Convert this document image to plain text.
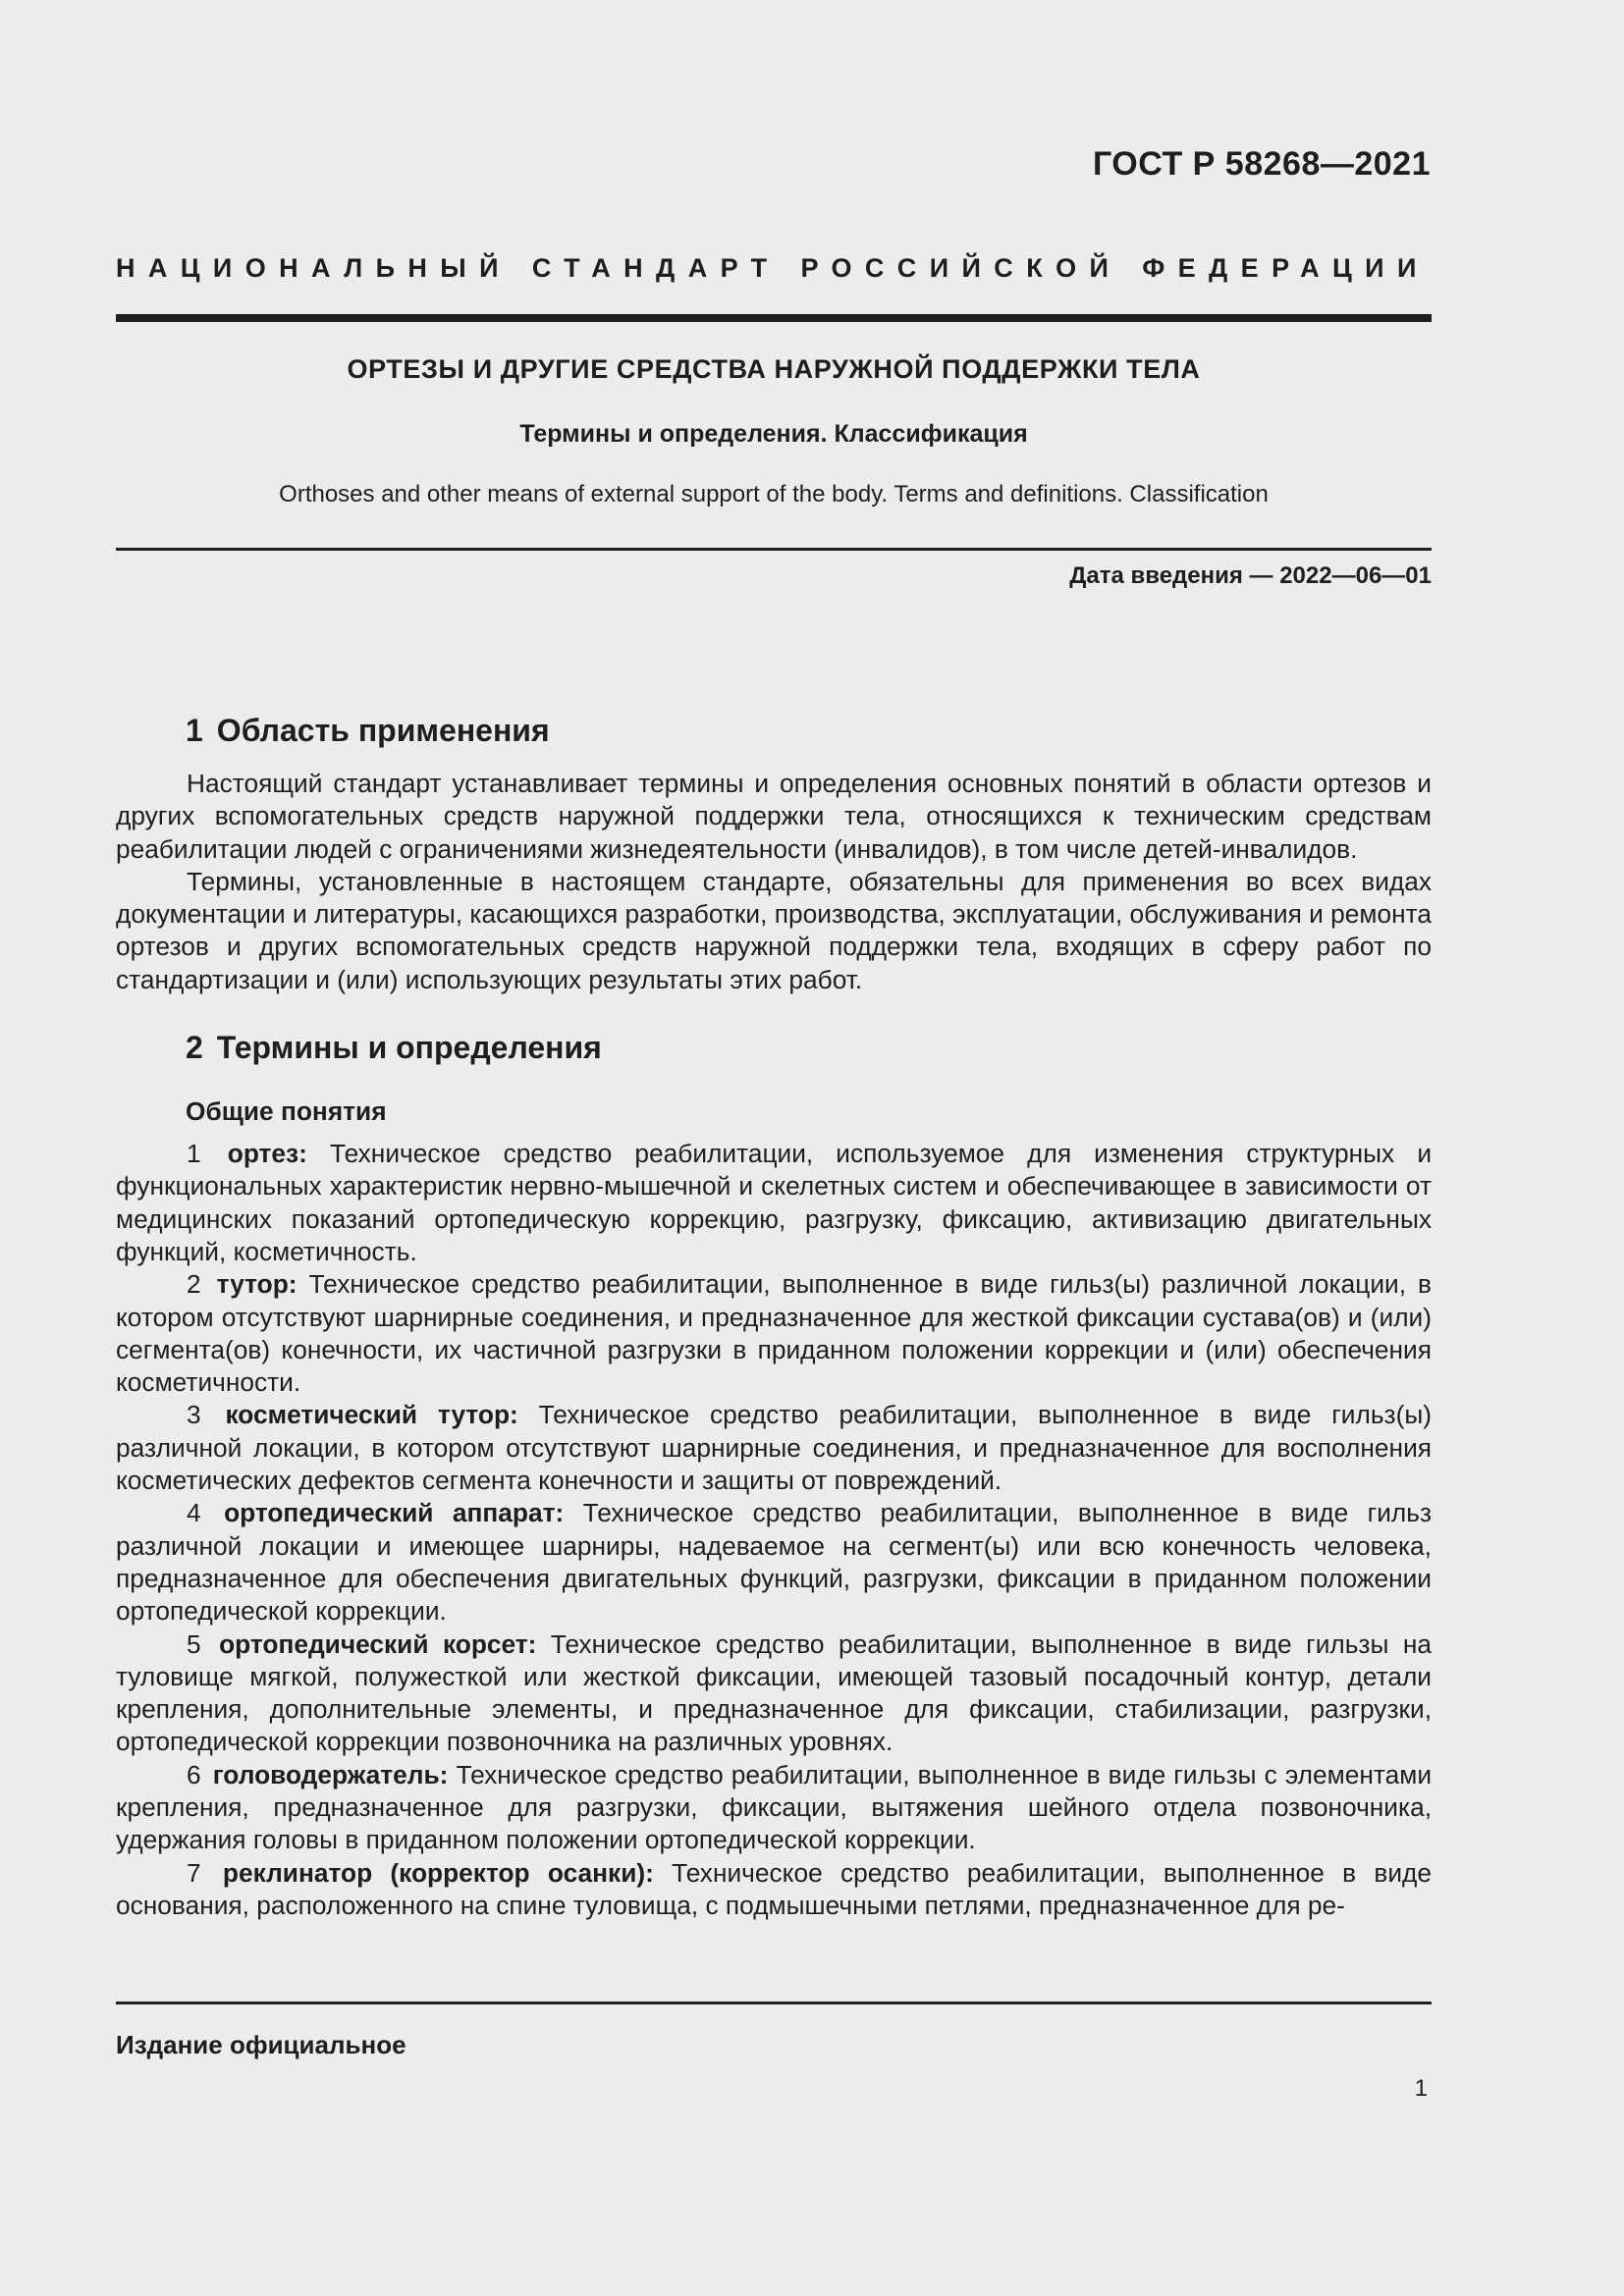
ГОСТ Р 58268—2021
НАЦИОНАЛЬНЫЙ СТАНДАРТ РОССИЙСКОЙ ФЕДЕРАЦИИ
ОРТЕЗЫ И ДРУГИЕ СРЕДСТВА НАРУЖНОЙ ПОДДЕРЖКИ ТЕЛА
Термины и определения. Классификация
Orthoses and other means of external support of the body. Terms and definitions. Classification
Дата введения — 2022—06—01
1 Область применения

Настоящий стандарт устанавливает термины и определения основных понятий в области ортезов и других вспомогательных средств наружной поддержки тела, относящихся к техническим средствам реабилитации людей с ограничениями жизнедеятельности (инвалидов), в том числе детей-инвалидов.

Термины, установленные в настоящем стандарте, обязательны для применения во всех видах документации и литературы, касающихся разработки, производства, эксплуатации, обслуживания и ремонта ортезов и других вспомогательных средств наружной поддержки тела, входящих в сферу работ по стандартизации и (или) использующих результаты этих работ.

2 Термины и определения
Общие понятия

1 ортез: Техническое средство реабилитации, используемое для изменения структурных и функциональных характеристик нервно-мышечной и скелетных систем и обеспечивающее в зависимости от медицинских показаний ортопедическую коррекцию, разгрузку, фиксацию, активизацию двигательных функций, косметичность.

2 тутор: Техническое средство реабилитации, выполненное в виде гильз(ы) различной локации, в котором отсутствуют шарнирные соединения, и предназначенное для жесткой фиксации сустава(ов) и (или) сегмента(ов) конечности, их частичной разгрузки в приданном положении коррекции и (или) обеспечения косметичности.

3 косметический тутор: Техническое средство реабилитации, выполненное в виде гильз(ы) различной локации, в котором отсутствуют шарнирные соединения, и предназначенное для восполнения косметических дефектов сегмента конечности и защиты от повреждений.

4 ортопедический аппарат: Техническое средство реабилитации, выполненное в виде гильз различной локации и имеющее шарниры, надеваемое на сегмент(ы) или всю конечность человека, предназначенное для обеспечения двигательных функций, разгрузки, фиксации в приданном положении ортопедической коррекции.

5 ортопедический корсет: Техническое средство реабилитации, выполненное в виде гильзы на туловище мягкой, полужесткой или жесткой фиксации, имеющей тазовый посадочный контур, детали крепления, дополнительные элементы, и предназначенное для фиксации, стабилизации, разгрузки, ортопедической коррекции позвоночника на различных уровнях.

6 головодержатель: Техническое средство реабилитации, выполненное в виде гильзы с элементами крепления, предназначенное для разгрузки, фиксации, вытяжения шейного отдела позвоночника, удержания головы в приданном положении ортопедической коррекции.

7 реклинатор (корректор осанки): Техническое средство реабилитации, выполненное в виде основания, расположенного на спине туловища, с подмышечными петлями, предназначенное для ре-

Издание официальное
1
